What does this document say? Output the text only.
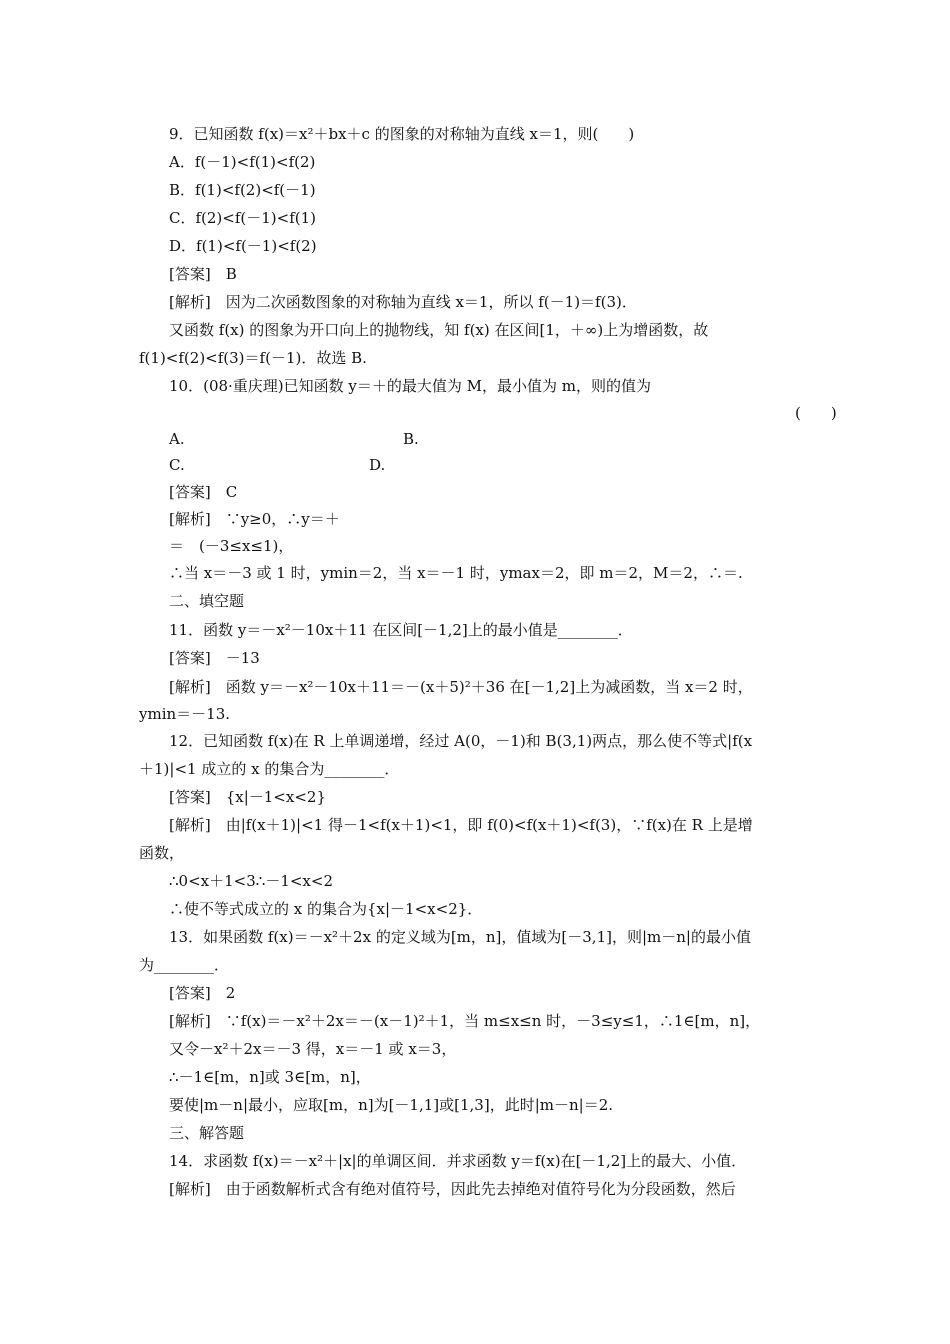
9．已知函数 f(x)＝x²＋bx＋c 的图象的对称轴为直线 x＝1，则(　　)
A．f(－1)<f(1)<f(2)
B．f(1)<f(2)<f(－1)
C．f(2)<f(－1)<f(1)
D．f(1)<f(－1)<f(2)
[答案]　B
[解析]　因为二次函数图象的对称轴为直线 x＝1，所以 f(－1)＝f(3)．
又函数 f(x) 的图象为开口向上的抛物线，知 f(x) 在区间[1，＋∞)上为增函数，故
f(1)<f(2)<f(3)＝f(－1)．故选 B.
10．(08·重庆理)已知函数 y＝＋的最大值为 M，最小值为 m，则的值为
(　　)
A.	B.
C.	D.
[答案]　C
[解析]　∵y≥0，∴y＝＋
＝　(－3≤x≤1)，
∴当 x＝－3 或 1 时，ymin＝2，当 x＝－1 时，ymax＝2，即 m＝2，M＝2，∴＝.
二、填空题
11．函数 y＝－x²－10x＋11 在区间[－1,2]上的最小值是________．
[答案]　－13
[解析]　函数 y＝－x²－10x＋11＝－(x＋5)²＋36 在[－1,2]上为减函数，当 x＝2 时，
ymin＝－13.
12．已知函数 f(x)在 R 上单调递增，经过 A(0，－1)和 B(3,1)两点，那么使不等式|f(x
＋1)|<1 成立的 x 的集合为________．
[答案]　{x|－1<x<2}
[解析]　由|f(x＋1)|<1 得－1<f(x＋1)<1，即 f(0)<f(x＋1)<f(3)，∵f(x)在 R 上是增
函数，
∴0<x＋1<3∴－1<x<2
∴使不等式成立的 x 的集合为{x|－1<x<2}．
13．如果函数 f(x)＝－x²＋2x 的定义域为[m，n]，值域为[－3,1]，则|m－n|的最小值
为________．
[答案]　2
[解析]　∵f(x)＝－x²＋2x＝－(x－1)²＋1，当 m≤x≤n 时，－3≤y≤1，∴1∈[m，n]，
又令－x²＋2x＝－3 得，x＝－1 或 x＝3，
∴－1∈[m，n]或 3∈[m，n]，
要使|m－n|最小，应取[m，n]为[－1,1]或[1,3]，此时|m－n|＝2.
三、解答题
14．求函数 f(x)＝－x²＋|x|的单调区间．并求函数 y＝f(x)在[－1,2]上的最大、小值．
[解析]　由于函数解析式含有绝对值符号，因此先去掉绝对值符号化为分段函数，然后
